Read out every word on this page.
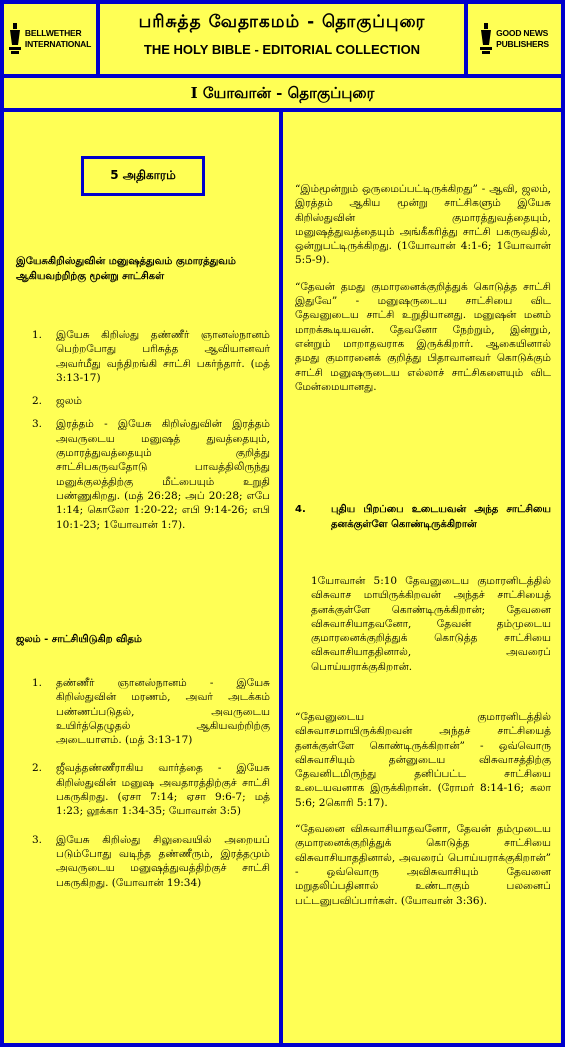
BELLWETHER
INTERNATIONAL
பரிசுத்த வேதாகமம் - தொகுப்புரை
THE HOLY BIBLE - EDITORIAL COLLECTION
GOOD NEWS
PUBLISHERS
I யோவான் - தொகுப்புரை
5 அதிகாரம்
இயேசுகிறிஸ்துவின் மனுஷத்துவம் குமாரத்துவம் ஆகியவற்றிற்கு மூன்று சாட்சிகள்
1. இயேசு கிறிஸ்து தண்ணீர் ஞானஸ்நானம் பெற்றபோது பரிசுத்த ஆவியானவர் அவர்மீது வந்திறங்கி சாட்சி பகர்ந்தார். (மத் 3:13-17)
2. ஜலம்
3. இரத்தம் - இயேசு கிறிஸ்துவின் இரத்தம் அவருடைய மனுஷத் துவத்தையும், குமாரத்துவத்தையும் குறித்து சாட்சிபகருவதோடு பாவத்திலிருந்து மனுக்குலத்திற்கு மீட்பையும் உறுதி பண்ணுகிறது. (மத் 26:28; அப் 20:28; எபே 1:14; கொலோ 1:20-22; எபி 9:14-26; எபி 10:1-23; 1யோவான் 1:7).
ஜலம் - சாட்சியிடுகிற விதம்
1. தண்ணீர் ஞானஸ்நானம் - இயேசு கிறிஸ்துவின் மரணம், அவர் அடக்கம் பண்ணப்படுதல், அவருடைய உயிர்த்தெழுதல் ஆகியவற்றிற்கு அடையாளம். (மத் 3:13-17)
2. ஜீவத்தண்ணீராகிய வார்த்தை - இயேசு கிறிஸ்துவின் மனுஷ அவதாரத்திற்குச் சாட்சி பகருகிறது. (ஏசா 7:14; ஏசா 9:6-7; மத் 1:23; லூக்கா 1:34-35; யோவான் 3:5)
3. இயேசு கிறிஸ்து சிலுவையில் அறையப் படும்போது வடிந்த தண்ணீரும், இரத்தமும் அவருடைய மனுஷத்துவத்திற்குச் சாட்சி பகருகிறது. (யோவான் 19:34)

“இம்மூன்றும் ஒருமைப்பட்டிருக்கிறது” - ஆவி, ஜலம், இரத்தம் ஆகிய மூன்று சாட்சிகளும் இயேசு கிறிஸ்துவின் குமாரத்துவத்தையும், மனுஷத்துவத்தையும் அங்கீகரித்து சாட்சி பகருவதில், ஒன்றுபட்டிருக்கிறது. (1யோவான் 4:1-6; 1யோவான் 5:5-9).

“தேவன் தமது குமாரனைக்குறித்துக் கொடுத்த சாட்சி இதுவே” - மனுஷருடைய சாட்சியை விட தேவனுடைய சாட்சி உறுதியானது. மனுஷன் மனம் மாறக்கூடியவன். தேவனோ நேற்றும், இன்றும், என்றும் மாறாதவராக இருக்கிறார். ஆகையினால் தமது குமாரனைக் குறித்து பிதாவானவர் கொடுக்கும் சாட்சி மனுஷருடைய எல்லாச் சாட்சிகளையும் விட மேன்மையானது.

4.	புதிய பிறப்பை உடையவன் அந்த சாட்சியை தனக்குள்ளே கொண்டிருக்கிறான்

1யோவான் 5:10 தேவனுடைய குமாரனிடத்தில் விசுவாச மாயிருக்கிறவன் அந்தச் சாட்சியைத் தனக்குள்ளே கொண்டிருக்கிறான்; தேவனை விசுவாசியாதவனோ, தேவன் தம்முடைய குமாரனைக்குறித்துக் கொடுத்த சாட்சியை விசுவாசியாததினால், அவரைப் பொய்யராக்குகிறான்.

“தேவனுடைய குமாரனிடத்தில் விசுவாசமாயிருக்கிறவன் அந்தச் சாட்சியைத் தனக்குள்ளே கொண்டிருக்கிறான்” - ஒவ்வொரு விசுவாசியும் தன்னுடைய விசுவாசத்திற்கு தேவனிடமிருந்து தனிப்பட்ட சாட்சியை உடையவனாக இருக்கிறான். (ரோமர் 8:14-16; கலா 5:6; 2கொரி 5:17).

“தேவனை விசுவாசியாதவனோ, தேவன் தம்முடைய குமாரனைக்குறித்துக் கொடுத்த சாட்சியை விசுவாசியாததினால், அவரைப் பொய்யராக்குகிறான்” - ஒவ்வொரு அவிசுவாசியும் தேவனை மறுதலிப்பதினால் உண்டாகும் பலனைப் பட்டனுபவிப்பார்கள். (யோவான் 3:36).
